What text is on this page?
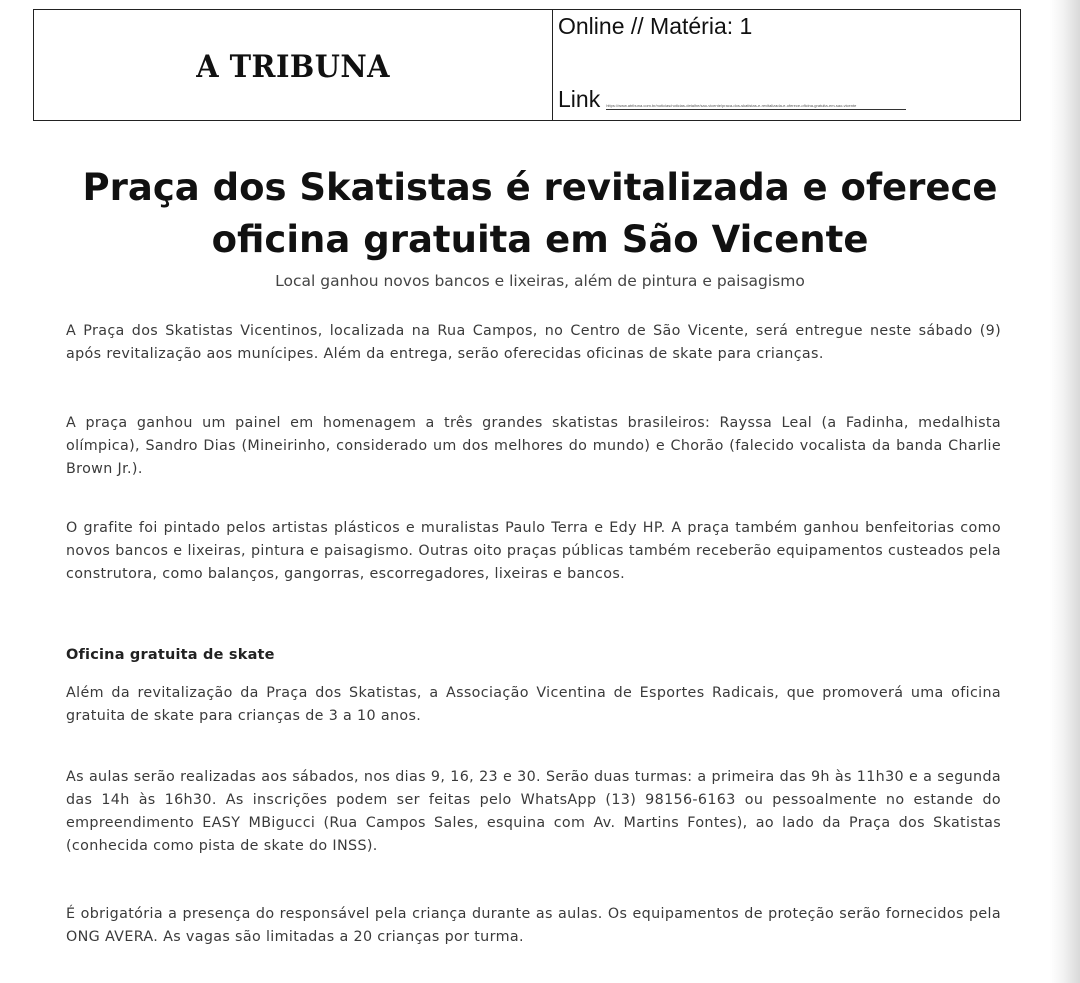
A TRIBUNA
Online // Matéria: 1
Link https://www.atribuna.com.br/noticias/noticias-detalhe/sao-vicente/praca-dos-skatistas-e-revitalizada-e-oferece-oficina-gratuita-em-sao-vicente
Praça dos Skatistas é revitalizada e oferece oficina gratuita em São Vicente
Local ganhou novos bancos e lixeiras, além de pintura e paisagismo

A Praça dos Skatistas Vicentinos, localizada na Rua Campos, no Centro de São Vicente, será entregue neste sábado (9) após revitalização aos munícipes. Além da entrega, serão oferecidas oficinas de skate para crianças.

A praça ganhou um painel em homenagem a três grandes skatistas brasileiros: Rayssa Leal (a Fadinha, medalhista olímpica), Sandro Dias (Mineirinho, considerado um dos melhores do mundo) e Chorão (falecido vocalista da banda Charlie Brown Jr.).

O grafite foi pintado pelos artistas plásticos e muralistas Paulo Terra e Edy HP. A praça também ganhou benfeitorias como novos bancos e lixeiras, pintura e paisagismo. Outras oito praças públicas também receberão equipamentos custeados pela construtora, como balanços, gangorras, escorregadores, lixeiras e bancos.

Oficina gratuita de skate

Além da revitalização da Praça dos Skatistas, a Associação Vicentina de Esportes Radicais, que promoverá uma oficina gratuita de skate para crianças de 3 a 10 anos.

As aulas serão realizadas aos sábados, nos dias 9, 16, 23 e 30. Serão duas turmas: a primeira das 9h às 11h30 e a segunda das 14h às 16h30. As inscrições podem ser feitas pelo WhatsApp (13) 98156-6163 ou pessoalmente no estande do empreendimento EASY MBigucci (Rua Campos Sales, esquina com Av. Martins Fontes), ao lado da Praça dos Skatistas (conhecida como pista de skate do INSS).

É obrigatória a presença do responsável pela criança durante as aulas. Os equipamentos de proteção serão fornecidos pela ONG AVERA. As vagas são limitadas a 20 crianças por turma.
